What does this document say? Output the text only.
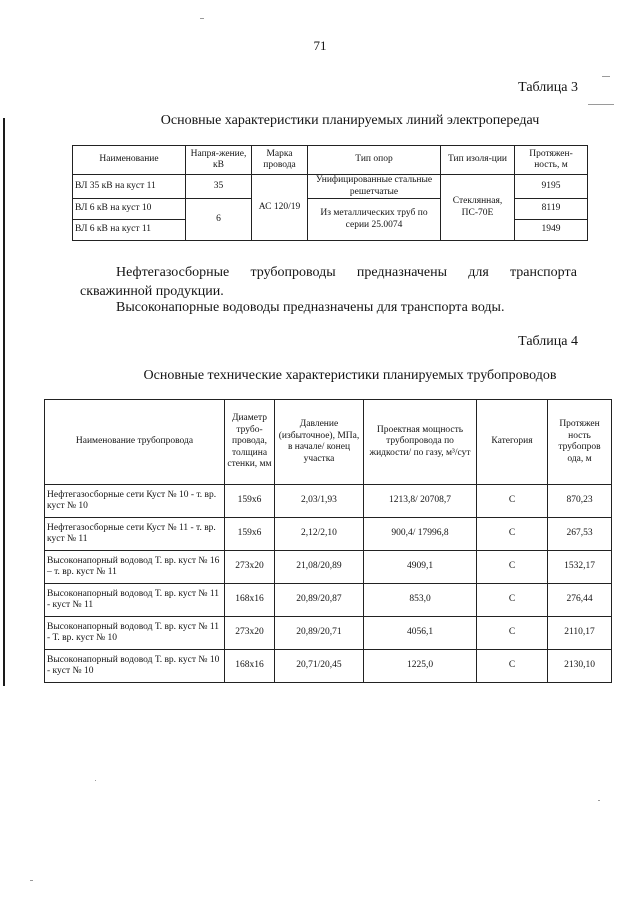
71
Таблица 3
Основные характеристики планируемых линий электропередач
Наименование	Напря-жение, кВ	Марка провода	Тип опор	Тип изоля-ции	Протяжен-ность, м
ВЛ 35 кВ на куст 11	35	АС 120/19	Унифицированные стальные решетчатые	Стеклянная, ПС-70Е	9195
ВЛ 6 кВ на куст 10	6		Из металлических труб по серии 25.0074		8119
ВЛ 6 кВ на куст 11					1949
Нефтегазосборные трубопроводы предназначены для транспорта
скважинной продукции.
Высоконапорные водоводы предназначены для транспорта воды.
Таблица 4
Основные технические характеристики планируемых трубопроводов
Наименование трубопровода	Диаметр трубо-провода, толщина стенки, мм	Давление (избыточное), МПа, в начале/ конец участка	Проектная мощность трубопровода по жидкости/ по газу, м³/сут	Категория	Протяжен ность трубопров ода, м
Нефтегазосборные сети Куст № 10 - т. вр. куст № 10	159x6	2,03/1,93	1213,8/ 20708,7	С	870,23
Нефтегазосборные сети Куст № 11 - т. вр. куст № 11	159x6	2,12/2,10	900,4/ 17996,8	С	267,53
Высоконапорный водовод Т. вр. куст № 16 – т. вр. куст № 11	273x20	21,08/20,89	4909,1	С	1532,17
Высоконапорный водовод Т. вр. куст № 11 - куст № 11	168x16	20,89/20,87	853,0	С	276,44
Высоконапорный водовод Т. вр. куст № 11 - Т. вр. куст № 10	273x20	20,89/20,71	4056,1	С	2110,17
Высоконапорный водовод Т. вр. куст № 10 - куст № 10	168x16	20,71/20,45	1225,0	С	2130,10
